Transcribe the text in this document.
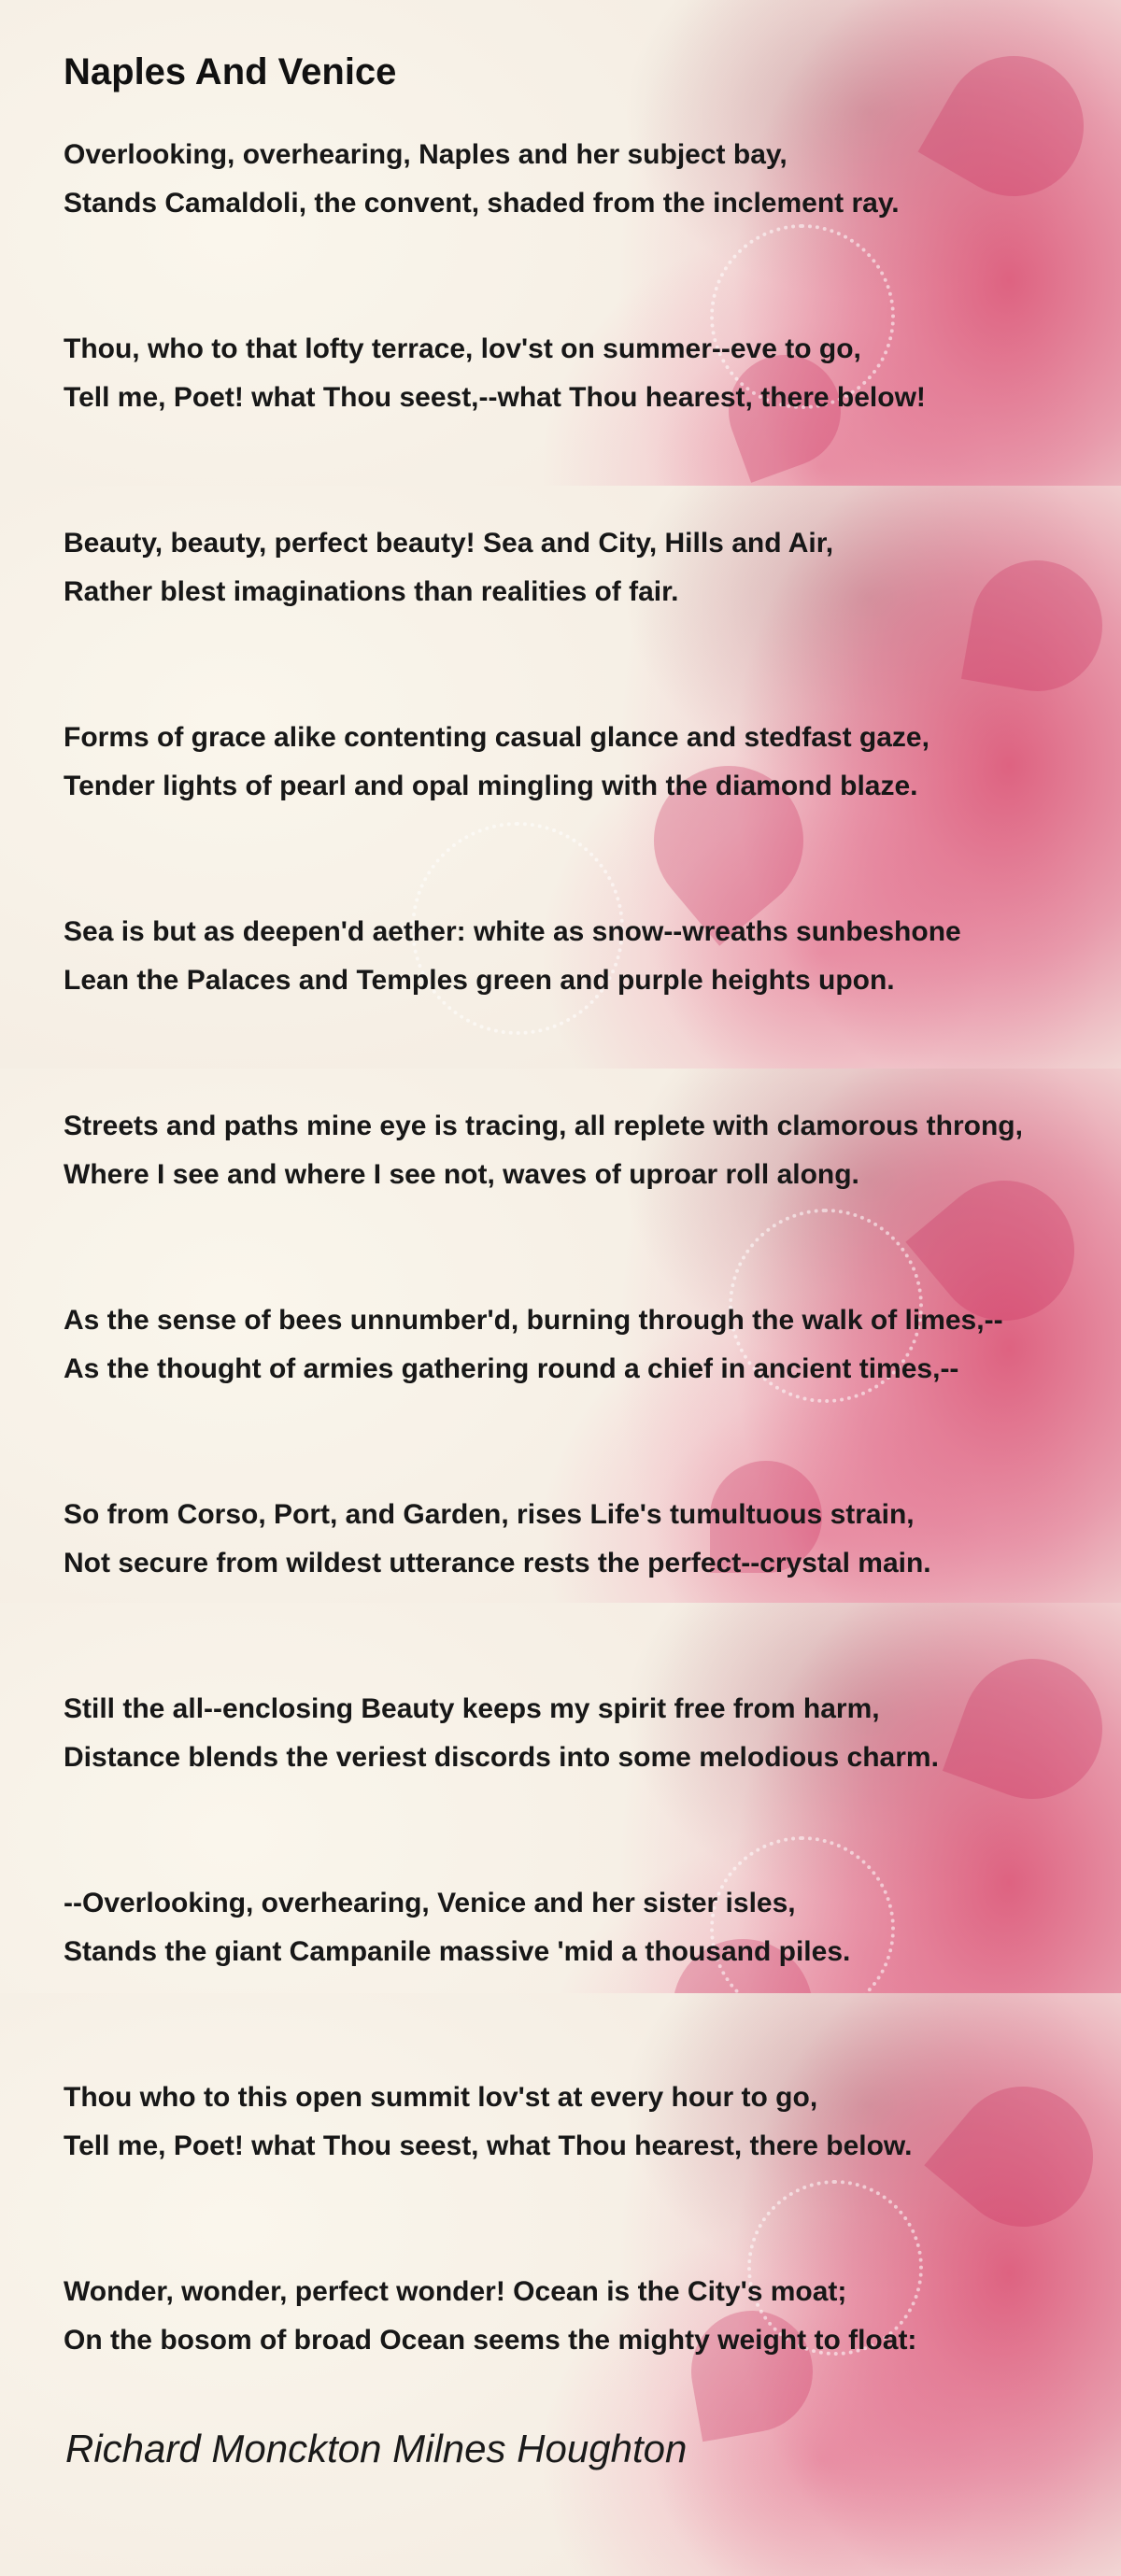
Naples And Venice

Overlooking, overhearing, Naples and her subject bay,
Stands Camaldoli, the convent, shaded from the inclement ray.

Thou, who to that lofty terrace, lov'st on summer--eve to go,
Tell me, Poet! what Thou seest,--what Thou hearest, there below!

Beauty, beauty, perfect beauty! Sea and City, Hills and Air,
Rather blest imaginations than realities of fair.

Forms of grace alike contenting casual glance and stedfast gaze,
Tender lights of pearl and opal mingling with the diamond blaze.

Sea is but as deepen'd aether: white as snow--wreaths sunbeshone
Lean the Palaces and Temples green and purple heights upon.

Streets and paths mine eye is tracing, all replete with clamorous throng,
Where I see and where I see not, waves of uproar roll along.

As the sense of bees unnumber'd, burning through the walk of limes,--
As the thought of armies gathering round a chief in ancient times,--

So from Corso, Port, and Garden, rises Life's tumultuous strain,
Not secure from wildest utterance rests the perfect--crystal main.

Still the all--enclosing Beauty keeps my spirit free from harm,
Distance blends the veriest discords into some melodious charm.

--Overlooking, overhearing, Venice and her sister isles,
Stands the giant Campanile massive 'mid a thousand piles.

Thou who to this open summit lov'st at every hour to go,
Tell me, Poet! what Thou seest, what Thou hearest, there below.

Wonder, wonder, perfect wonder! Ocean is the City's moat;
On the bosom of broad Ocean seems the mighty weight to float:

Richard Monckton Milnes Houghton
